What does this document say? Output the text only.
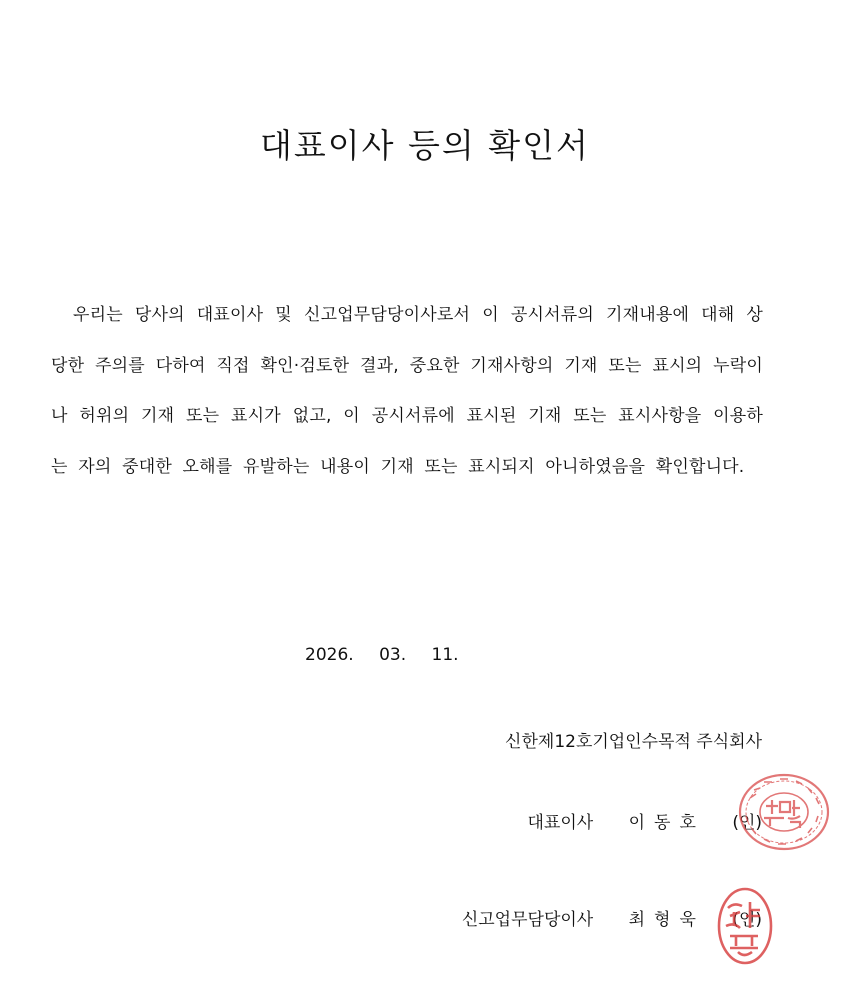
대표이사 등의 확인서
우리는 당사의 대표이사 및 신고업무담당이사로서 이 공시서류의 기재내용에 대해 상당한 주의를 다하여 직접 확인·검토한 결과, 중요한 기재사항의 기재 또는 표시의 누락이나 허위의 기재 또는 표시가 없고, 이 공시서류에 표시된 기재 또는 표시사항을 이용하는 자의 중대한 오해를 유발하는 내용이 기재 또는 표시되지 아니하였음을 확인합니다.
2026. 03. 11.
신한제12호기업인수목적 주식회사
대표이사 이동호 (인)
신고업무담당이사 최형욱 (인)
